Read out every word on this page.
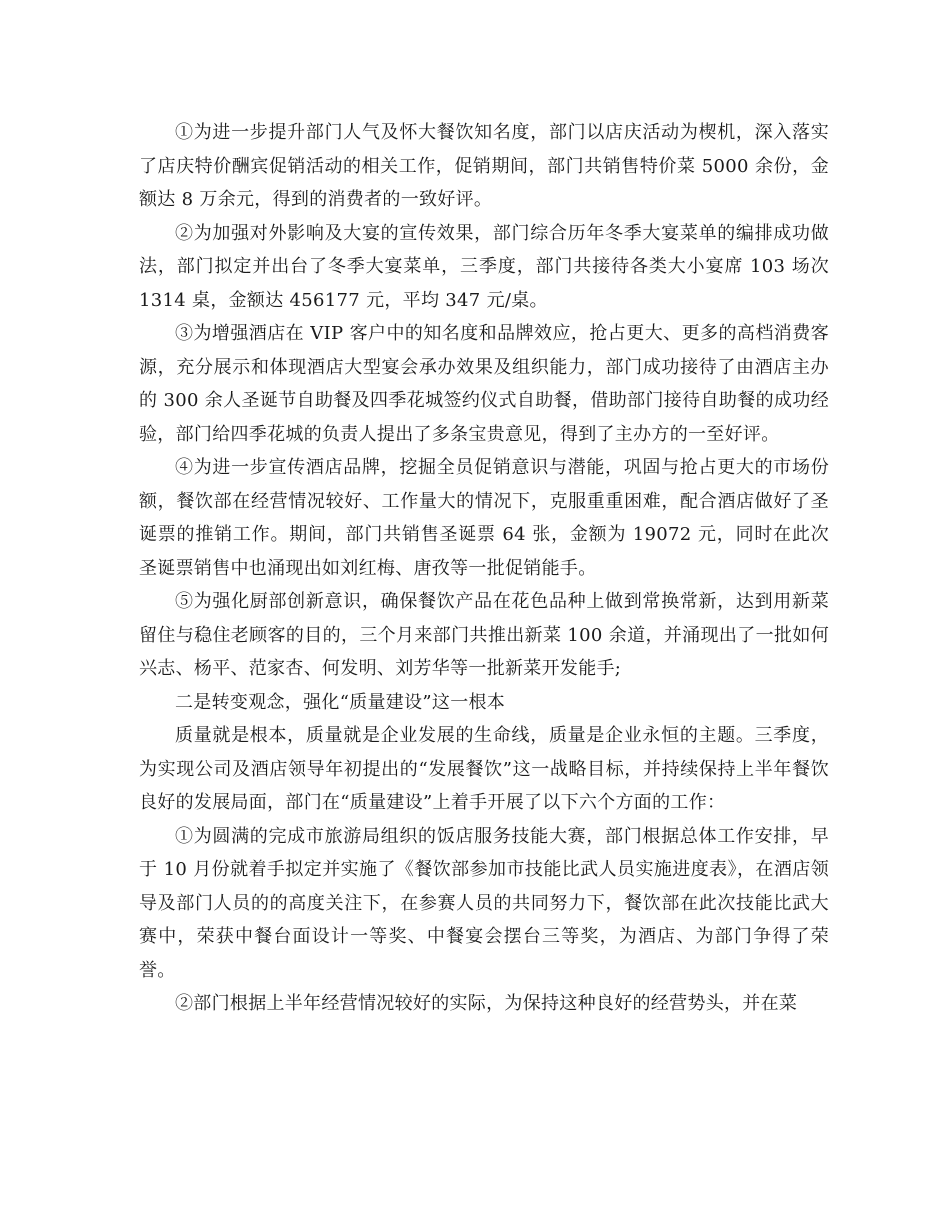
①为进一步提升部门人气及怀大餐饮知名度，部门以店庆活动为楔机，深入落实了店庆特价酬宾促销活动的相关工作，促销期间，部门共销售特价菜 5000 余份，金额达 8 万余元，得到的消费者的一致好评。

②为加强对外影响及大宴的宣传效果，部门综合历年冬季大宴菜单的编排成功做法，部门拟定并出台了冬季大宴菜单，三季度，部门共接待各类大小宴席 103 场次 1314 桌，金额达 456177 元，平均 347 元/桌。

③为增强酒店在 VIP 客户中的知名度和品牌效应，抢占更大、更多的高档消费客源，充分展示和体现酒店大型宴会承办效果及组织能力，部门成功接待了由酒店主办的 300 余人圣诞节自助餐及四季花城签约仪式自助餐，借助部门接待自助餐的成功经验，部门给四季花城的负责人提出了多条宝贵意见，得到了主办方的一至好评。

④为进一步宣传酒店品牌，挖掘全员促销意识与潜能，巩固与抢占更大的市场份额，餐饮部在经营情况较好、工作量大的情况下，克服重重困难，配合酒店做好了圣诞票的推销工作。期间，部门共销售圣诞票 64 张，金额为 19072 元，同时在此次圣诞票销售中也涌现出如刘红梅、唐孜等一批促销能手。

⑤为强化厨部创新意识，确保餐饮产品在花色品种上做到常换常新，达到用新菜留住与稳住老顾客的目的，三个月来部门共推出新菜 100 余道，并涌现出了一批如何兴志、杨平、范家杏、何发明、刘芳华等一批新菜开发能手;

二是转变观念，强化“质量建设”这一根本

质量就是根本，质量就是企业发展的生命线，质量是企业永恒的主题。三季度，为实现公司及酒店领导年初提出的“发展餐饮”这一战略目标，并持续保持上半年餐饮良好的发展局面，部门在“质量建设”上着手开展了以下六个方面的工作：

①为圆满的完成市旅游局组织的饭店服务技能大赛，部门根据总体工作安排，早于 10 月份就着手拟定并实施了《餐饮部参加市技能比武人员实施进度表》，在酒店领导及部门人员的的高度关注下，在参赛人员的共同努力下，餐饮部在此次技能比武大赛中，荣获中餐台面设计一等奖、中餐宴会摆台三等奖，为酒店、为部门争得了荣誉。

②部门根据上半年经营情况较好的实际，为保持这种良好的经营势头，并在菜
